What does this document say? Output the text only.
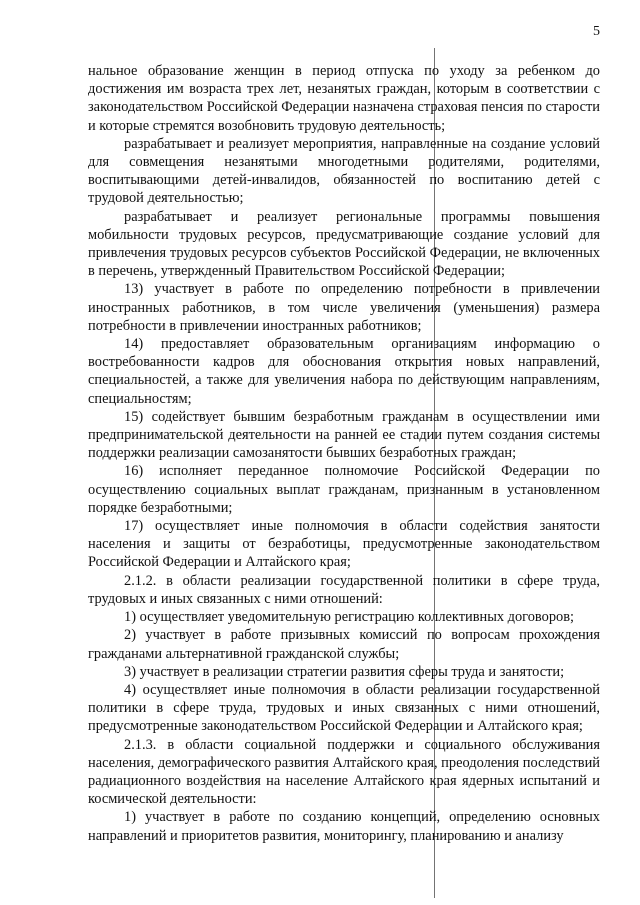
5

нальное образование женщин в период отпуска по уходу за ребенком до достижения им возраста трех лет, незанятых граждан, которым в соответствии с законодательством Российской Федерации назначена страховая пенсия по старости и которые стремятся возобновить трудовую деятельность;

разрабатывает и реализует мероприятия, направленные на создание условий для совмещения незанятыми многодетными родителями, родителями, воспитывающими детей-инвалидов, обязанностей по воспитанию детей с трудовой деятельностью;

разрабатывает и реализует региональные программы повышения мобильности трудовых ресурсов, предусматривающие создание условий для привлечения трудовых ресурсов субъектов Российской Федерации, не включенных в перечень, утвержденный Правительством Российской Федерации;

13) участвует в работе по определению потребности в привлечении иностранных работников, в том числе увеличения (уменьшения) размера потребности в привлечении иностранных работников;

14) предоставляет образовательным организациям информацию о востребованности кадров для обоснования открытия новых направлений, специальностей, а также для увеличения набора по действующим направлениям, специальностям;

15) содействует бывшим безработным гражданам в осуществлении ими предпринимательской деятельности на ранней ее стадии путем создания системы поддержки реализации самозанятости бывших безработных граждан;

16) исполняет переданное полномочие Российской Федерации по осуществлению социальных выплат гражданам, признанным в установленном порядке безработными;

17) осуществляет иные полномочия в области содействия занятости населения и защиты от безработицы, предусмотренные законодательством Российской Федерации и Алтайского края;

2.1.2. в области реализации государственной политики в сфере труда, трудовых и иных связанных с ними отношений:

1) осуществляет уведомительную регистрацию коллективных договоров;

2) участвует в работе призывных комиссий по вопросам прохождения гражданами альтернативной гражданской службы;

3) участвует в реализации стратегии развития сферы труда и занятости;

4) осуществляет иные полномочия в области реализации государственной политики в сфере труда, трудовых и иных связанных с ними отношений, предусмотренные законодательством Российской Федерации и Алтайского края;

2.1.3. в области социальной поддержки и социального обслуживания населения, демографического развития Алтайского края, преодоления последствий радиационного воздействия на население Алтайского края ядерных испытаний и космической деятельности:

1) участвует в работе по созданию концепций, определению основных направлений и приоритетов развития, мониторингу, планированию и анализу
